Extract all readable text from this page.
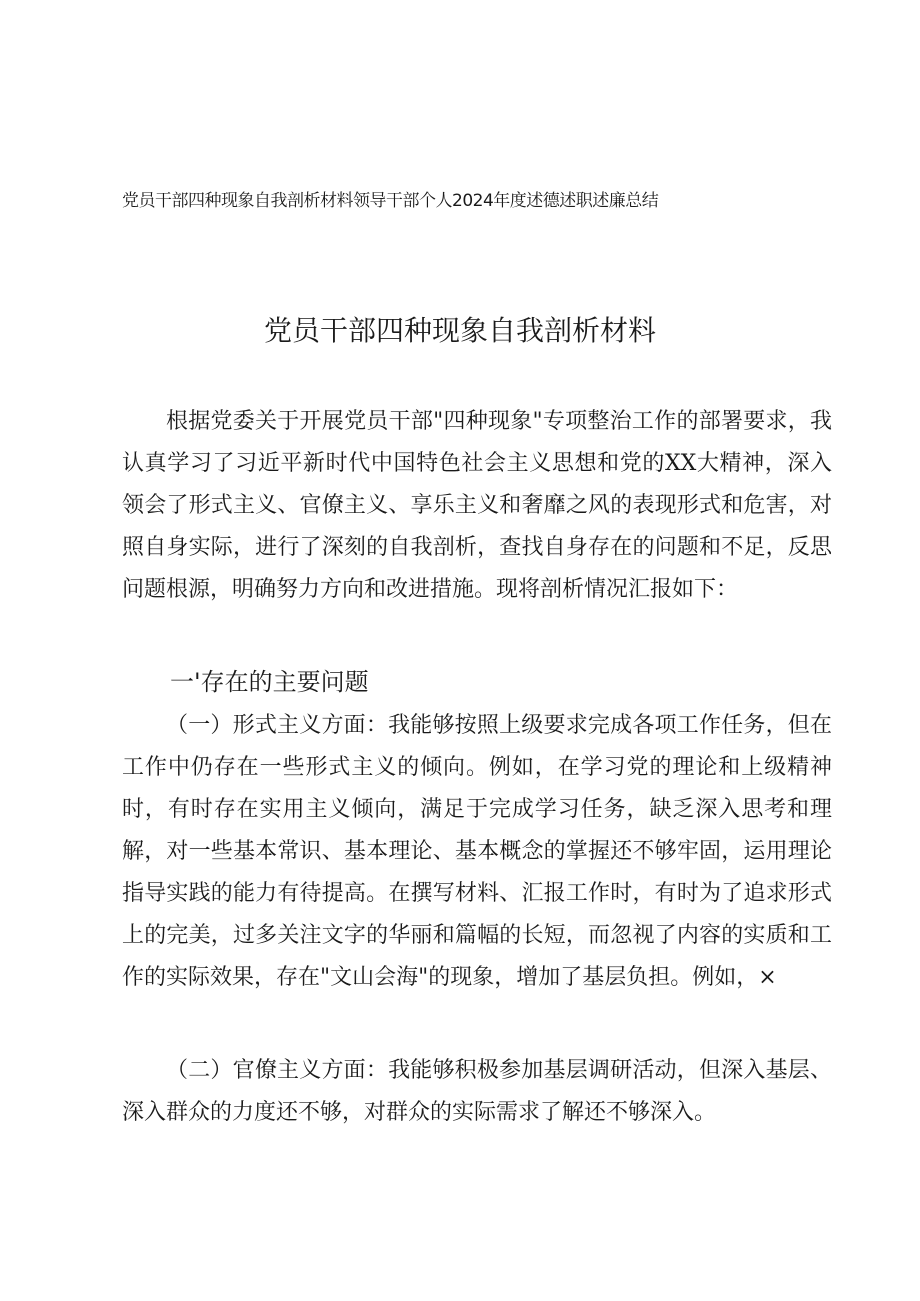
党员干部四种现象自我剖析材料领导干部个人2024年度述德述职述廉总结
党员干部四种现象自我剖析材料
根据党委关于开展党员干部"四种现象"专项整治工作的部署要求，我认真学习了习近平新时代中国特色社会主义思想和党的XX大精神，深入领会了形式主义、官僚主义、享乐主义和奢靡之风的表现形式和危害，对照自身实际，进行了深刻的自我剖析，查找自身存在的问题和不足，反思问题根源，明确努力方向和改进措施。现将剖析情况汇报如下：
一'存在的主要问题
（一）形式主义方面：我能够按照上级要求完成各项工作任务，但在工作中仍存在一些形式主义的倾向。例如，在学习党的理论和上级精神时，有时存在实用主义倾向，满足于完成学习任务，缺乏深入思考和理解，对一些基本常识、基本理论、基本概念的掌握还不够牢固，运用理论指导实践的能力有待提高。在撰写材料、汇报工作时，有时为了追求形式上的完美，过多关注文字的华丽和篇幅的长短，而忽视了内容的实质和工作的实际效果，存在"文山会海"的现象，增加了基层负担。例如，×
（二）官僚主义方面：我能够积极参加基层调研活动，但深入基层、深入群众的力度还不够，对群众的实际需求了解还不够深入。
